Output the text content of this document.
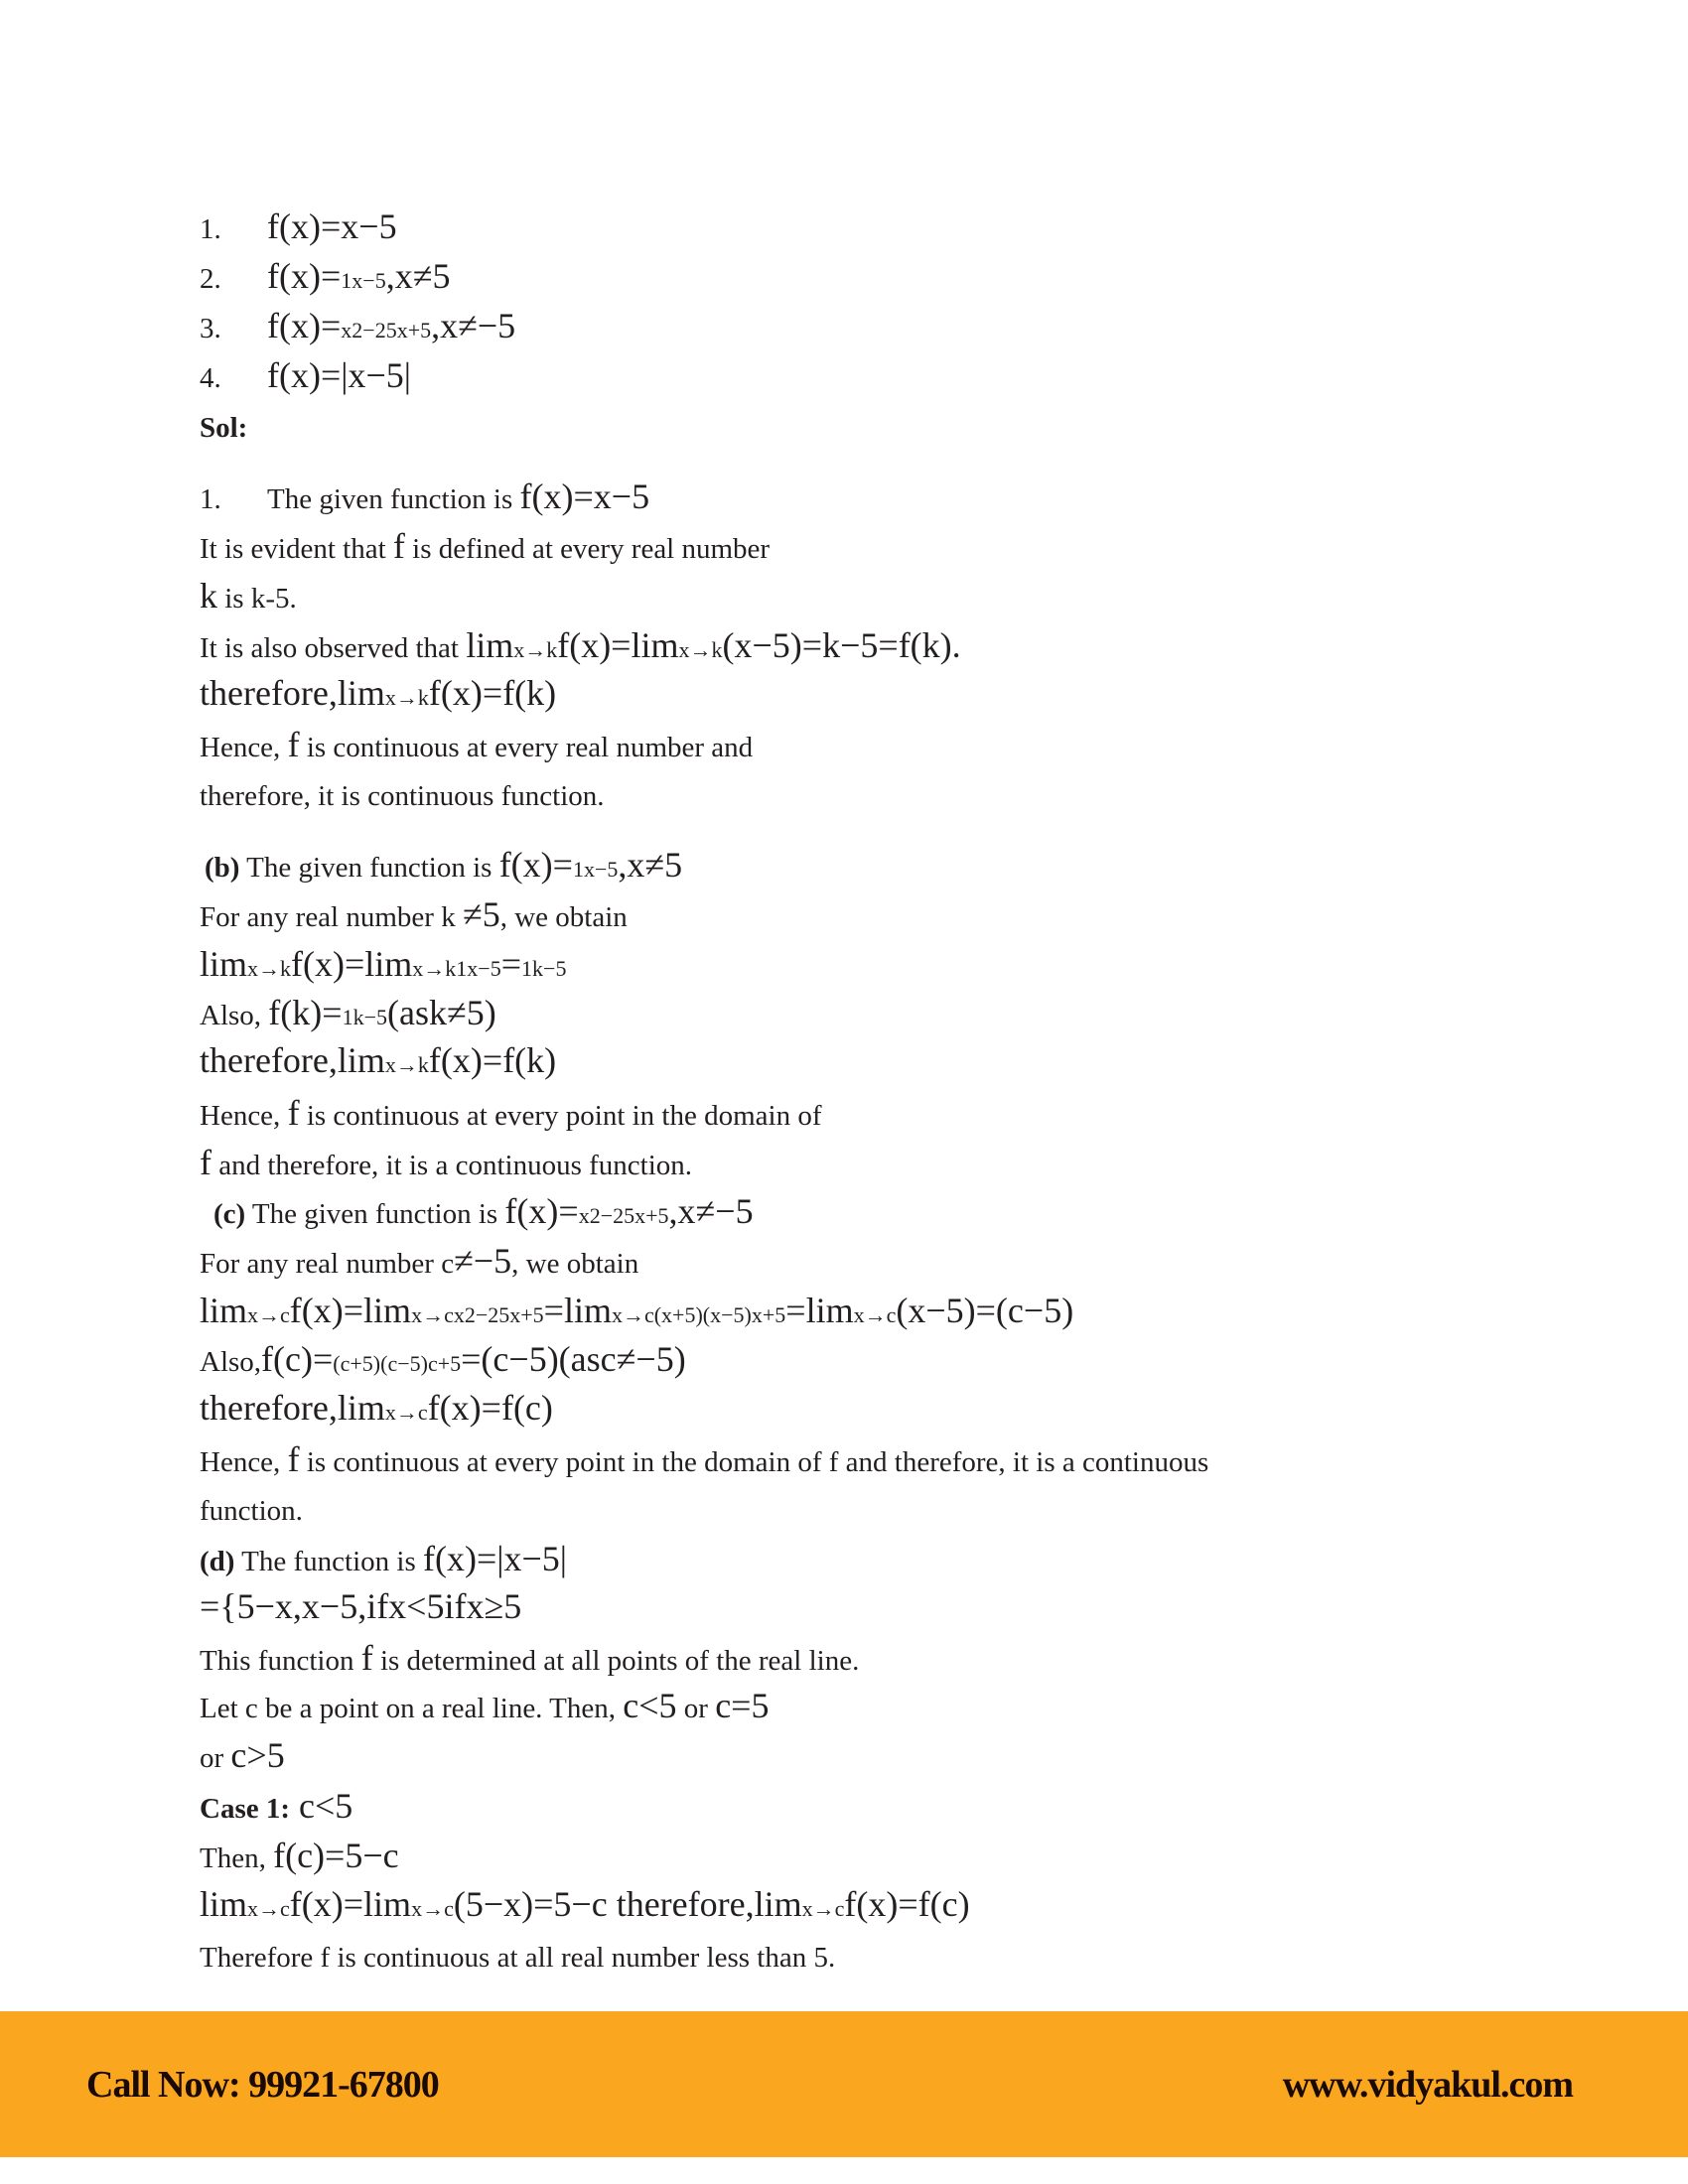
1. f(x)=x−5
2. f(x)=1x−5,x≠5
3. f(x)=x2−25x+5,x≠−5
4. f(x)=|x−5|
Sol:
1. The given function is f(x)=x−5
It is evident that f is defined at every real number
k is k-5.
It is also observed that limx→kf(x)=limx→k(x−5)=k−5=f(k).
therefore,limx→kf(x)=f(k)
Hence, f is continuous at every real number and
therefore, it is continuous function.
(b) The given function is f(x)=1x−5,x≠5
For any real number k ≠5, we obtain
limx→kf(x)=limx→k1x−5=1k−5
Also, f(k)=1k−5(ask≠5)
therefore,limx→kf(x)=f(k)
Hence, f is continuous at every point in the domain of
f and therefore, it is a continuous function.
(c) The given function is f(x)=x2−25x+5,x≠−5
For any real number c≠−5, we obtain
limx→cf(x)=limx→cx2−25x+5=limx→c(x+5)(x−5)x+5=limx→c(x−5)=(c−5)
Also,f(c)=(c+5)(c−5)c+5=(c−5)(asc≠−5)
therefore,limx→cf(x)=f(c)
Hence, f is continuous at every point in the domain of f and therefore, it is a continuous
function.
(d) The function is f(x)=|x−5|
={5−x,x−5,ifx<5ifx≥5
This function f is determined at all points of the real line.
Let c be a point on a real line. Then, c<5 or c=5
or c>5
Case 1: c<5
Then, f(c)=5−c
limx→cf(x)=limx→c(5−x)=5−c therefore,limx→cf(x)=f(c)
Therefore f is continuous at all real number less than 5.
Call Now: 99921-67800	www.vidyakul.com
